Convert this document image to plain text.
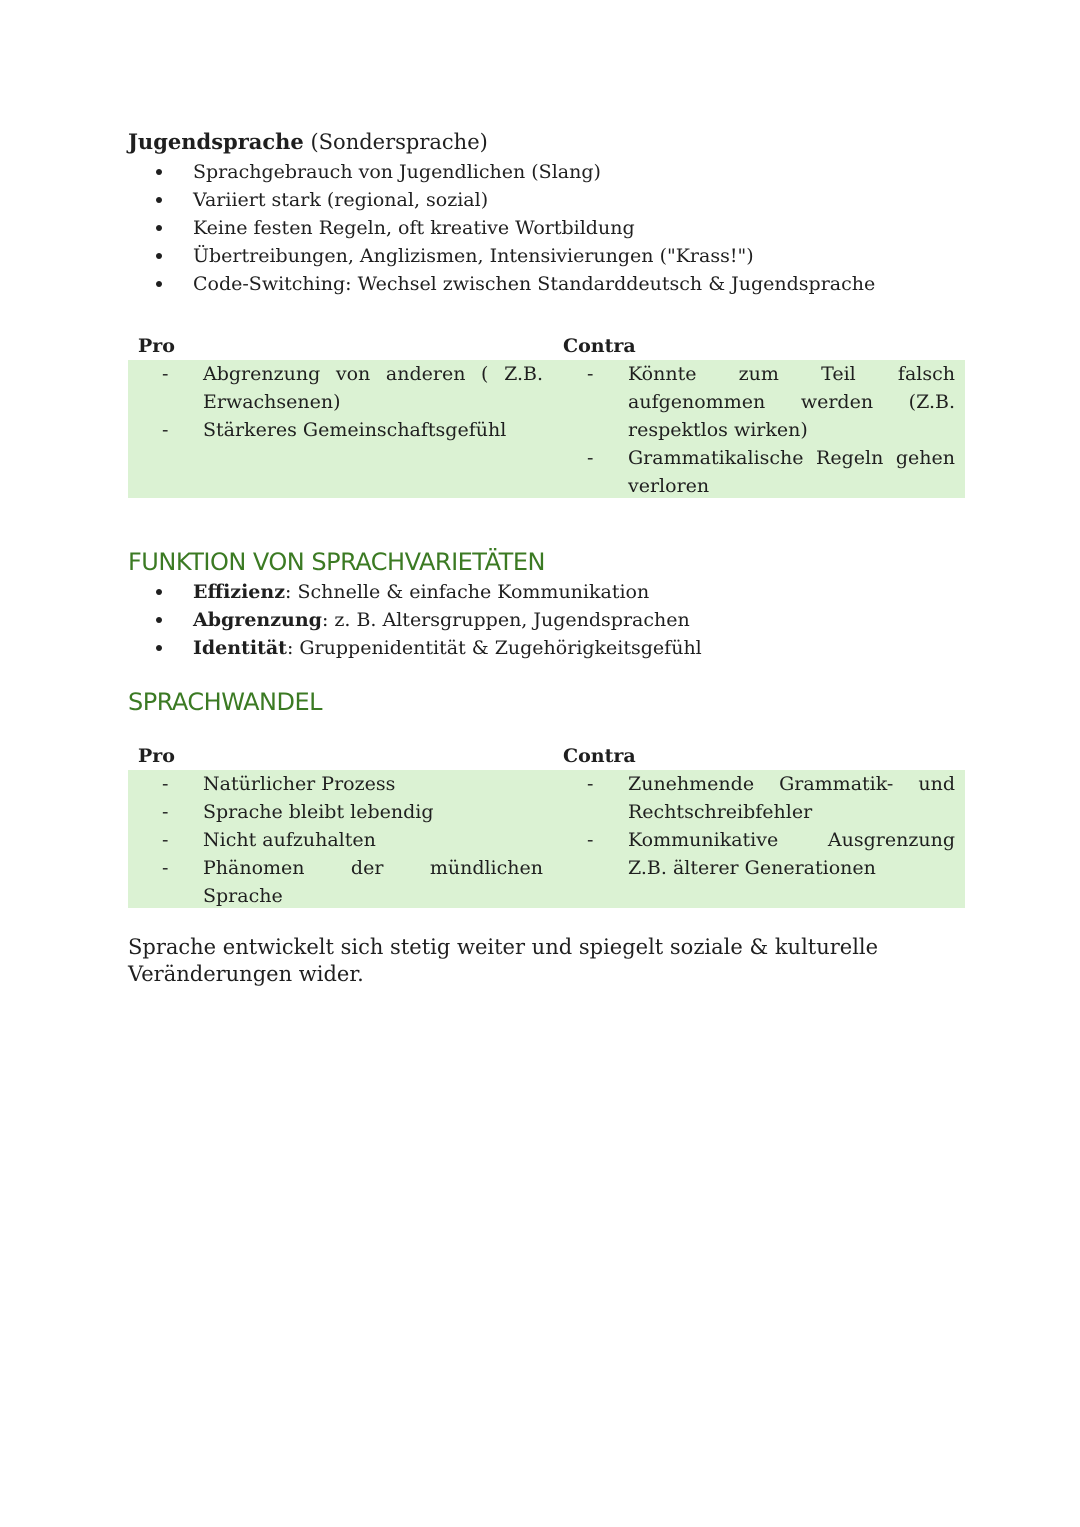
Jugendsprache (Sondersprache)
Sprachgebrauch von Jugendlichen (Slang)
Variiert stark (regional, sozial)
Keine festen Regeln, oft kreative Wortbildung
Übertreibungen, Anglizismen, Intensivierungen ("Krass!")
Code-Switching: Wechsel zwischen Standarddeutsch & Jugendsprache
Pro	Contra
- Abgrenzung von anderen ( Z.B. Erwachsenen)
- Stärkeres Gemeinschaftsgefühl
- Könnte zum Teil falsch aufgenommen werden (Z.B. respektlos wirken)
- Grammatikalische Regeln gehen verloren
FUNKTION VON SPRACHVARIETÄTEN
Effizienz: Schnelle & einfache Kommunikation
Abgrenzung: z. B. Altersgruppen, Jugendsprachen
Identität: Gruppenidentität & Zugehörigkeitsgefühl
SPRACHWANDEL
Pro	Contra
- Natürlicher Prozess
- Sprache bleibt lebendig
- Nicht aufzuhalten
- Phänomen der mündlichen Sprache
- Zunehmende Grammatik- und Rechtschreibfehler
- Kommunikative Ausgrenzung Z.B. älterer Generationen

Sprache entwickelt sich stetig weiter und spiegelt soziale & kulturelle Veränderungen wider.
